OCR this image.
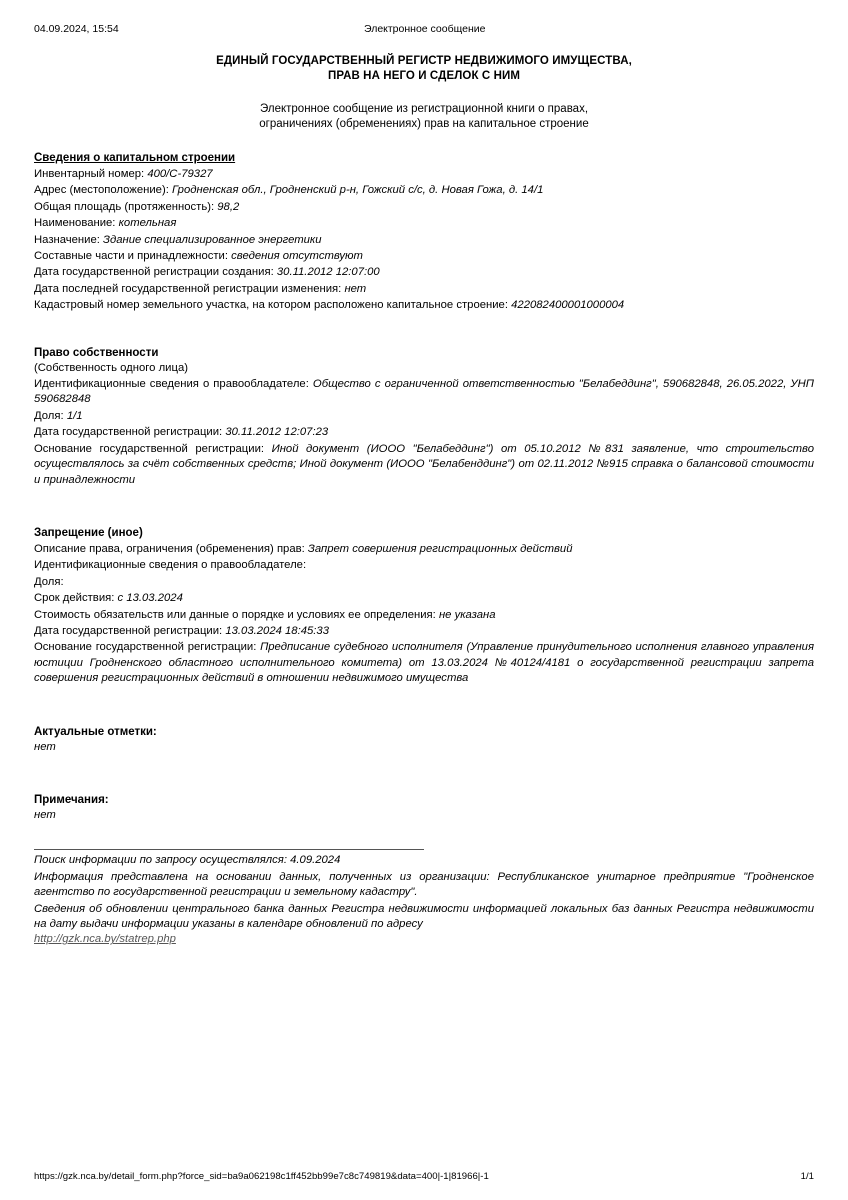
04.09.2024, 15:54	Электронное сообщение
ЕДИНЫЙ ГОСУДАРСТВЕННЫЙ РЕГИСТР НЕДВИЖИМОГО ИМУЩЕСТВА,
ПРАВ НА НЕГО И СДЕЛОК С НИМ
Электронное сообщение из регистрационной книги о правах,
ограничениях (обременениях) прав на капитальное строение
Сведения о капитальном строении
Инвентарный номер: 400/С-79327
Адрес (местоположение): Гродненская обл., Гродненский р-н, Гожский с/с, д. Новая Гожа, д. 14/1
Общая площадь (протяженность): 98,2
Наименование: котельная
Назначение: Здание специализированное энергетики
Составные части и принадлежности: сведения отсутствуют
Дата государственной регистрации создания: 30.11.2012 12:07:00
Дата последней государственной регистрации изменения: нет
Кадастровый номер земельного участка, на котором расположено капитальное строение: 422082400001000004
Право собственности
(Собственность одного лица)
Идентификационные сведения о правообладателе: Общество с ограниченной ответственностью "Белабеддинг", 590682848, 26.05.2022, УНП 590682848
Доля: 1/1
Дата государственной регистрации: 30.11.2012 12:07:23
Основание государственной регистрации: Иной документ (ИООО "Белабеддинг") от 05.10.2012 №831 заявление, что строительство осуществлялось за счёт собственных средств; Иной документ (ИООО "Белабенддинг") от 02.11.2012 №915 справка о балансовой стоимости и принадлежности
Запрещение (иное)
Описание права, ограничения (обременения) прав: Запрет совершения регистрационных действий
Идентификационные сведения о правообладателе:
Доля:
Срок действия: с 13.03.2024
Стоимость обязательств или данные о порядке и условиях ее определения: не указана
Дата государственной регистрации: 13.03.2024 18:45:33
Основание государственной регистрации: Предписание судебного исполнителя (Управление принудительного исполнения главного управления юстиции Гродненского областного исполнительного комитета) от 13.03.2024 №40124/4181 о государственной регистрации запрета совершения регистрационных действий в отношении недвижимого имущества
Актуальные отметки:
нет
Примечания:
нет
Поиск информации по запросу осуществлялся: 4.09.2024
Информация представлена на основании данных, полученных из организации: Республиканское унитарное предприятие "Гродненское агентство по государственной регистрации и земельному кадастру".
Сведения об обновлении центрального банка данных Регистра недвижимости информацией локальных баз данных Регистра недвижимости на дату выдачи информации указаны в календаре обновлений по адресу
http://gzk.nca.by/statrep.php
https://gzk.nca.by/detail_form.php?force_sid=ba9a062198c1ff452bb99e7c8c749819&data=400|-1|81966|-1	1/1
